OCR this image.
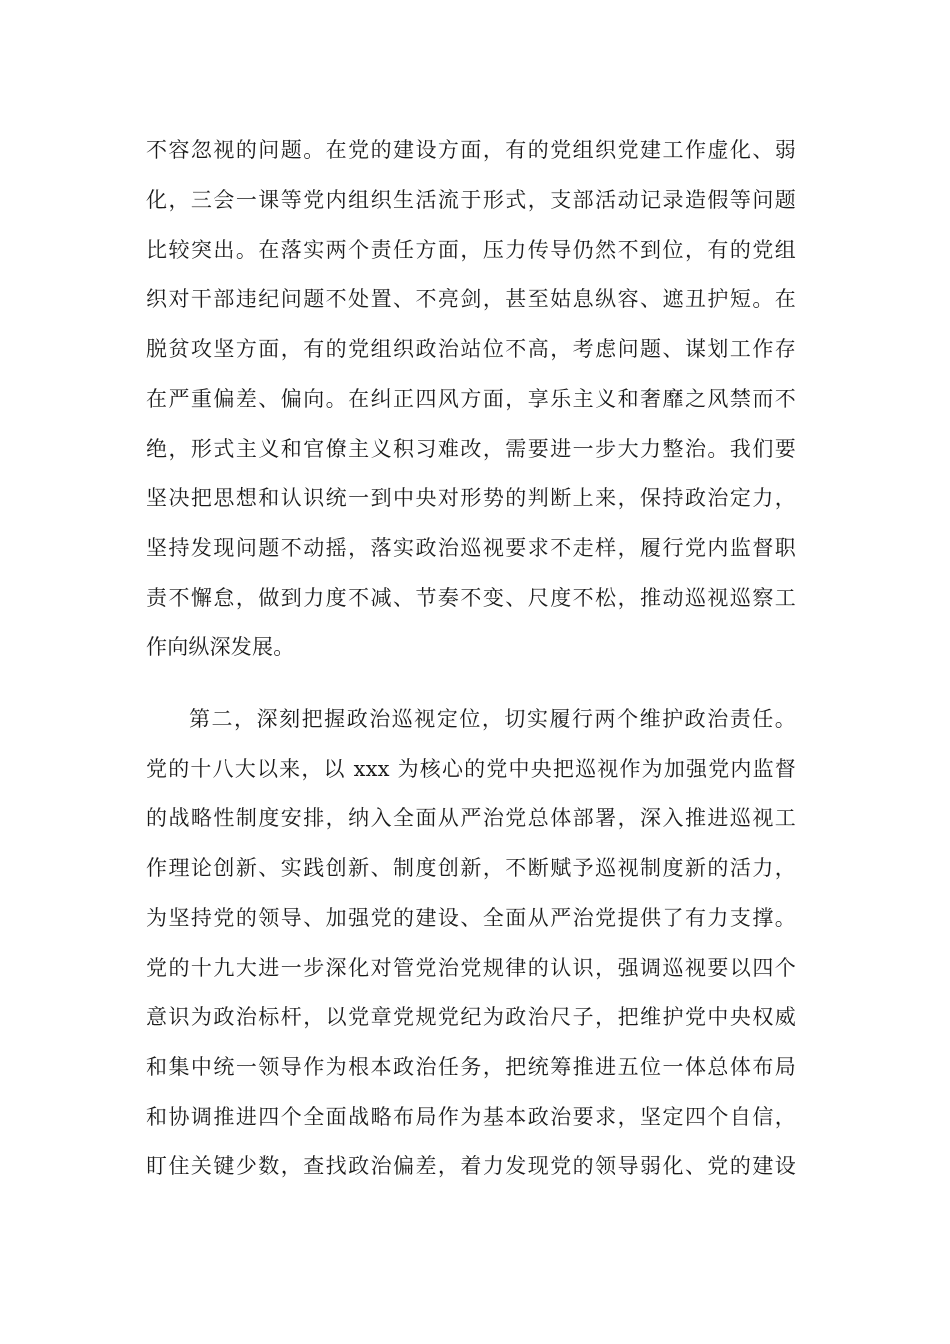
不容忽视的问题。在党的建设方面，有的党组织党建工作虚化、弱
化，三会一课等党内组织生活流于形式，支部活动记录造假等问题
比较突出。在落实两个责任方面，压力传导仍然不到位，有的党组
织对干部违纪问题不处置、不亮剑，甚至姑息纵容、遮丑护短。在
脱贫攻坚方面，有的党组织政治站位不高，考虑问题、谋划工作存
在严重偏差、偏向。在纠正四风方面，享乐主义和奢靡之风禁而不
绝，形式主义和官僚主义积习难改，需要进一步大力整治。我们要
坚决把思想和认识统一到中央对形势的判断上来，保持政治定力，
坚持发现问题不动摇，落实政治巡视要求不走样，履行党内监督职
责不懈怠，做到力度不减、节奏不变、尺度不松，推动巡视巡察工
作向纵深发展。
第二，深刻把握政治巡视定位，切实履行两个维护政治责任。
党的十八大以来，以 xxx 为核心的党中央把巡视作为加强党内监督
的战略性制度安排，纳入全面从严治党总体部署，深入推进巡视工
作理论创新、实践创新、制度创新，不断赋予巡视制度新的活力，
为坚持党的领导、加强党的建设、全面从严治党提供了有力支撑。
党的十九大进一步深化对管党治党规律的认识，强调巡视要以四个
意识为政治标杆，以党章党规党纪为政治尺子，把维护党中央权威
和集中统一领导作为根本政治任务，把统筹推进五位一体总体布局
和协调推进四个全面战略布局作为基本政治要求，坚定四个自信，
盯住关键少数，查找政治偏差，着力发现党的领导弱化、党的建设
